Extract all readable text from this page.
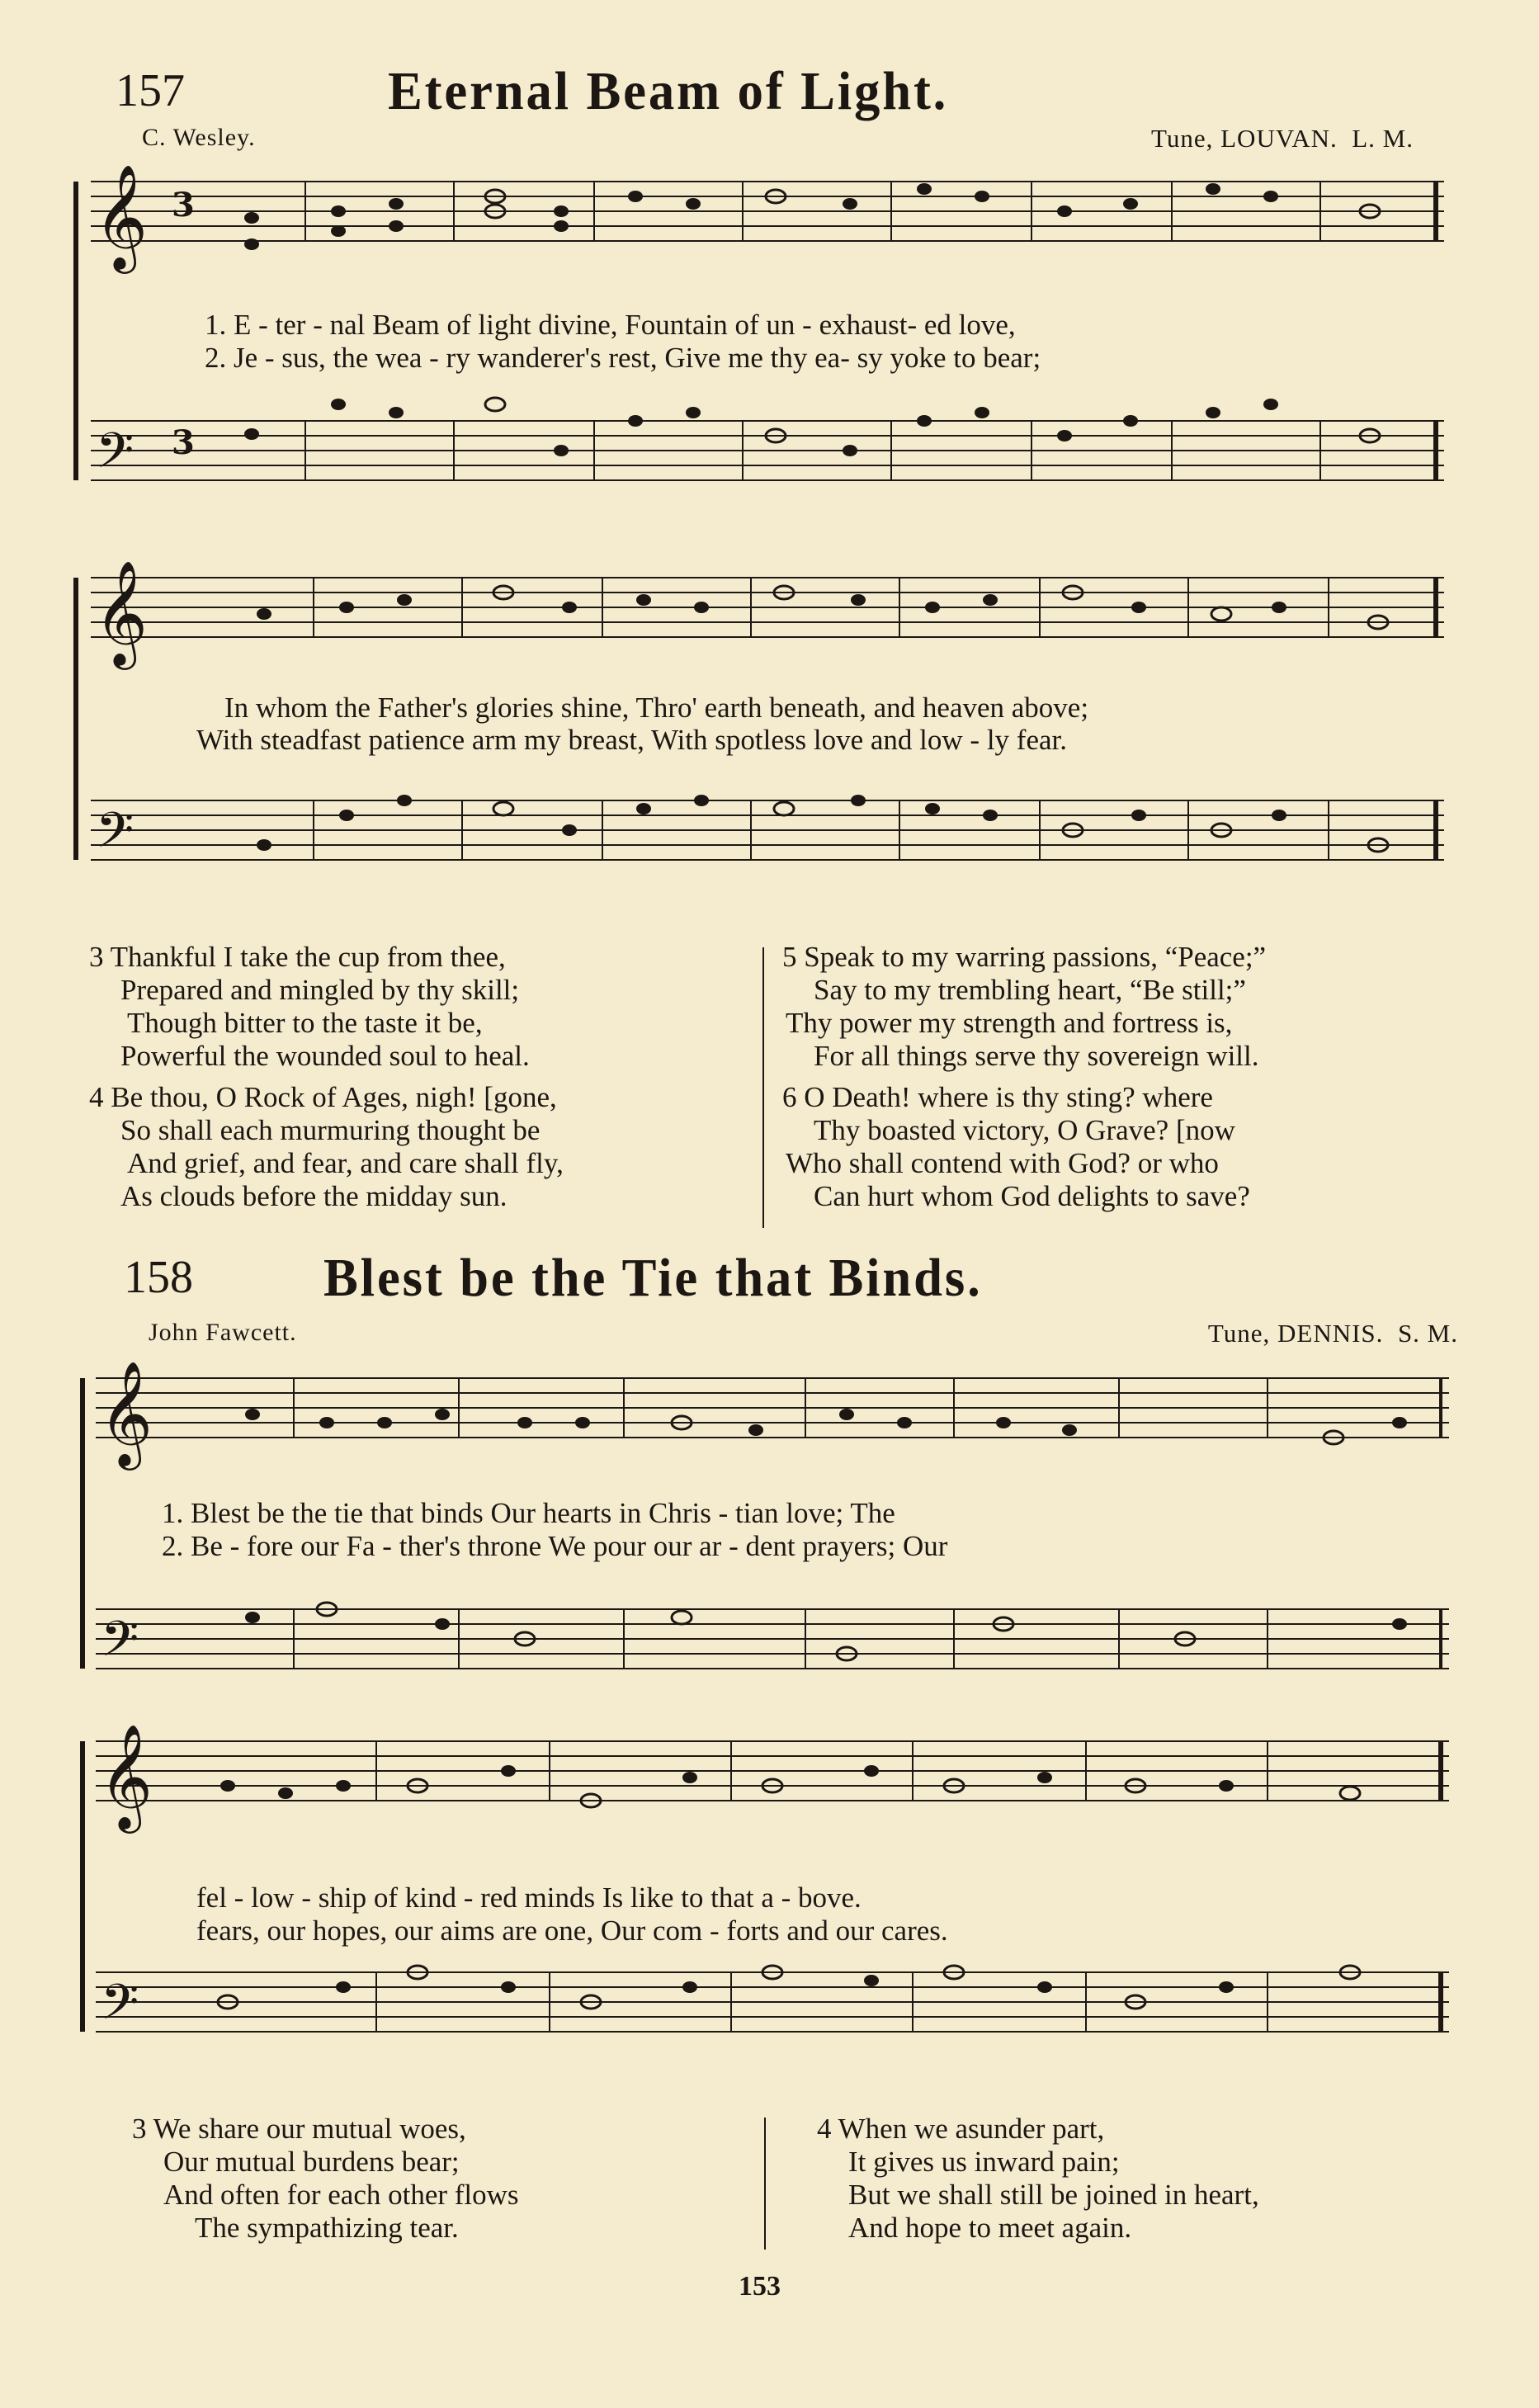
157	Eternal Beam of Light.
C. Wesley.	Tune, LOUVAN. L. M.
𝄞
𝄢
3
3
1. E - ter - nal Beam of light divine, Fountain of un - exhaust- ed love,
2. Je - sus, the wea - ry wanderer's rest, Give me thy ea- sy yoke to bear;
𝄞
𝄢
In whom the Father's glories shine, Thro' earth beneath, and heaven above;
With steadfast patience arm my breast, With spotless love and low - ly fear.
3 Thankful I take the cup from thee,
Prepared and mingled by thy skill;
Though bitter to the taste it be,
Powerful the wounded soul to heal.
4 Be thou, O Rock of Ages, nigh! [gone,
So shall each murmuring thought be
And grief, and fear, and care shall fly,
As clouds before the midday sun.
5 Speak to my warring passions, “Peace;”
Say to my trembling heart, “Be still;”
Thy power my strength and fortress is,
For all things serve thy sovereign will.
6 O Death! where is thy sting? where
Thy boasted victory, O Grave? [now
Who shall contend with God? or who
Can hurt whom God delights to save?
158 Blest be the Tie that Binds.
John Fawcett.	Tune, DENNIS. S. M.
𝄞
𝄢
1. Blest be the tie that binds Our hearts in Chris - tian love; The
2. Be - fore our Fa - ther's throne We pour our ar - dent prayers; Our
𝄞
𝄢
fel - low - ship of kind - red minds Is like to that a - bove.
fears, our hopes, our aims are one, Our com - forts and our cares.
3 We share our mutual woes,
Our mutual burdens bear;
And often for each other flows
The sympathizing tear.
4 When we asunder part,
It gives us inward pain;
But we shall still be joined in heart,
And hope to meet again.
153
